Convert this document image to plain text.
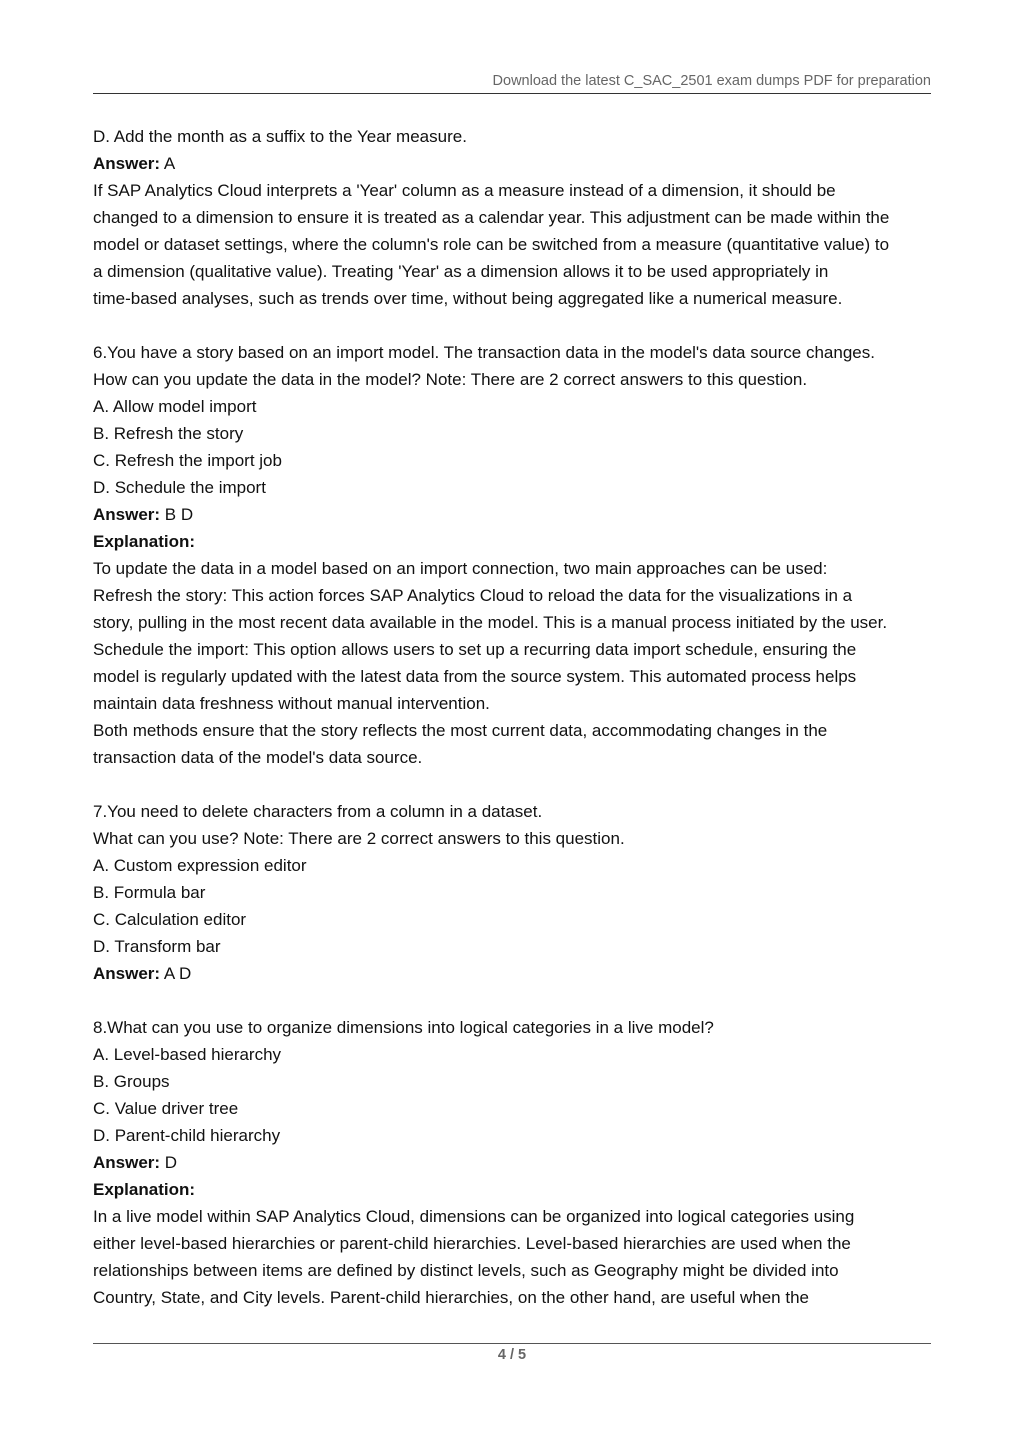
Download the latest C_SAC_2501 exam dumps PDF for preparation
D. Add the month as a suffix to the Year measure.
Answer: A
If SAP Analytics Cloud interprets a 'Year' column as a measure instead of a dimension, it should be
changed to a dimension to ensure it is treated as a calendar year. This adjustment can be made within the
model or dataset settings, where the column's role can be switched from a measure (quantitative value) to
a dimension (qualitative value). Treating 'Year' as a dimension allows it to be used appropriately in
time-based analyses, such as trends over time, without being aggregated like a numerical measure.
6.You have a story based on an import model. The transaction data in the model's data source changes.
How can you update the data in the model? Note: There are 2 correct answers to this question.
A. Allow model import
B. Refresh the story
C. Refresh the import job
D. Schedule the import
Answer: B D
Explanation:
To update the data in a model based on an import connection, two main approaches can be used:
Refresh the story: This action forces SAP Analytics Cloud to reload the data for the visualizations in a
story, pulling in the most recent data available in the model. This is a manual process initiated by the user.
Schedule the import: This option allows users to set up a recurring data import schedule, ensuring the
model is regularly updated with the latest data from the source system. This automated process helps
maintain data freshness without manual intervention.
Both methods ensure that the story reflects the most current data, accommodating changes in the
transaction data of the model's data source.
7.You need to delete characters from a column in a dataset.
What can you use? Note: There are 2 correct answers to this question.
A. Custom expression editor
B. Formula bar
C. Calculation editor
D. Transform bar
Answer: A D
8.What can you use to organize dimensions into logical categories in a live model?
A. Level-based hierarchy
B. Groups
C. Value driver tree
D. Parent-child hierarchy
Answer: D
Explanation:
In a live model within SAP Analytics Cloud, dimensions can be organized into logical categories using
either level-based hierarchies or parent-child hierarchies. Level-based hierarchies are used when the
relationships between items are defined by distinct levels, such as Geography might be divided into
Country, State, and City levels. Parent-child hierarchies, on the other hand, are useful when the
4 / 5
